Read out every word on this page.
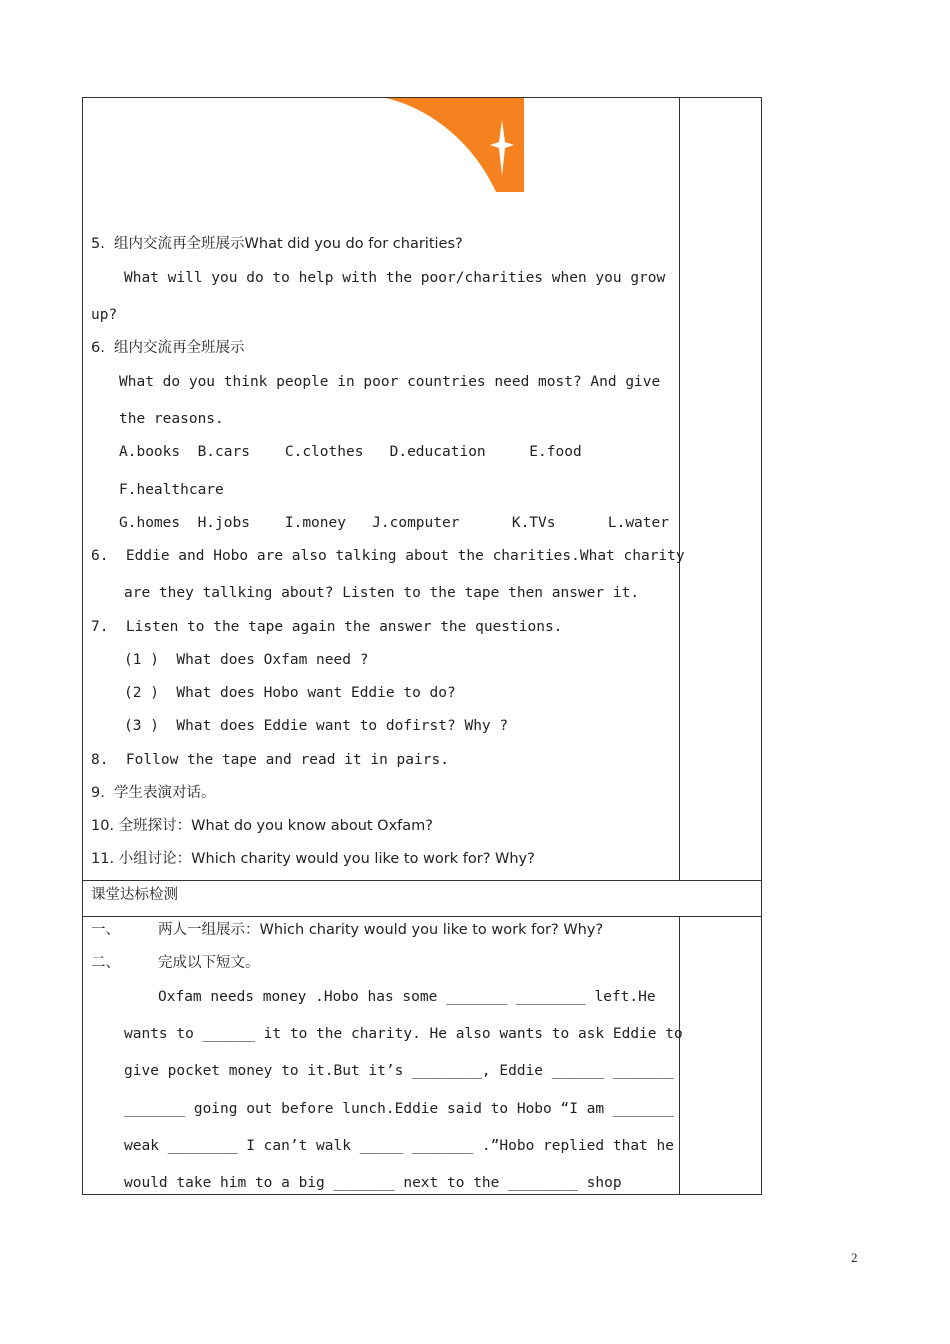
5.  组内交流再全班展示What did you do for charities?
What will you do to help with the poor/charities when you grow
up?
6.  组内交流再全班展示
What do you think people in poor countries need most? And give
the reasons.
A.books  B.cars    C.clothes   D.education     E.food
F.healthcare
G.homes  H.jobs    I.money   J.computer      K.TVs      L.water
6.  Eddie and Hobo are also talking about the charities.What charity
are they tallking about? Listen to the tape then answer it.
7.  Listen to the tape again the answer the questions.
(1 )  What does Oxfam need ?
(2 )  What does Hobo want Eddie to do?
(3 )  What does Eddie want to dofirst? Why ?
8.  Follow the tape and read it in pairs.
9.  学生表演对话。
10. 全班探讨：What do you know about Oxfam?
11. 小组讨论：Which charity would you like to work for? Why?
课堂达标检测
一、	两人一组展示：Which charity would you like to work for? Why?
二、	完成以下短文。
Oxfam needs money .Hobo has some _______ ________ left.He
wants to ______ it to the charity. He also wants to ask Eddie to
give pocket money to it.But it’s ________, Eddie ______ _______
_______ going out before lunch.Eddie said to Hobo “I am _______
weak ________ I can’t walk _____ _______ .”Hobo replied that he
would take him to a big _______ next to the ________ shop
2
